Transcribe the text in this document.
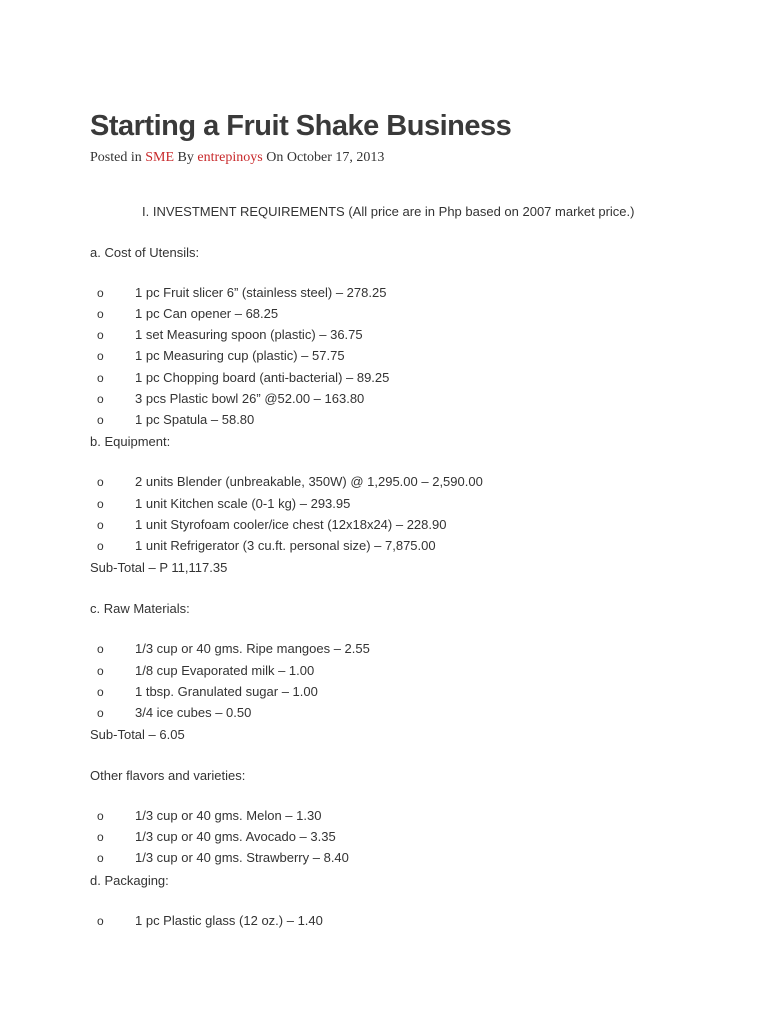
Starting a Fruit Shake Business
Posted in SME By entrepinoys On October 17, 2013
I. INVESTMENT REQUIREMENTS (All price are in Php based on 2007 market price.)
a. Cost of Utensils:
o 1 pc Fruit slicer 6” (stainless steel) – 278.25
o 1 pc Can opener – 68.25
o 1 set Measuring spoon (plastic) – 36.75
o 1 pc Measuring cup (plastic) – 57.75
o 1 pc Chopping board (anti-bacterial) – 89.25
o 3 pcs Plastic bowl 26” @52.00 – 163.80
o 1 pc Spatula – 58.80
b. Equipment:
o 2 units Blender (unbreakable, 350W) @ 1,295.00 – 2,590.00
o 1 unit Kitchen scale (0-1 kg) – 293.95
o 1 unit Styrofoam cooler/ice chest (12x18x24) – 228.90
o 1 unit Refrigerator (3 cu.ft. personal size) – 7,875.00
Sub-Total – P 11,117.35
c. Raw Materials:
o 1/3 cup or 40 gms. Ripe mangoes – 2.55
o 1/8 cup Evaporated milk – 1.00
o 1 tbsp. Granulated sugar – 1.00
o 3/4 ice cubes – 0.50
Sub-Total – 6.05
Other flavors and varieties:
o 1/3 cup or 40 gms. Melon – 1.30
o 1/3 cup or 40 gms. Avocado – 3.35
o 1/3 cup or 40 gms. Strawberry – 8.40
d. Packaging:
o 1 pc Plastic glass (12 oz.) – 1.40
